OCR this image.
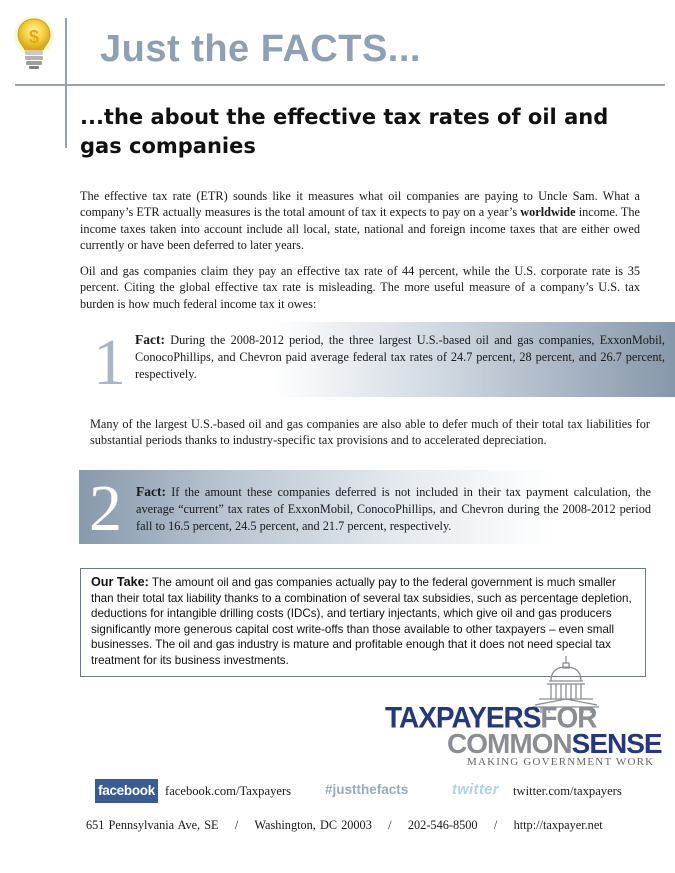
$ Just the FACTS...
...the about the effective tax rates of oil and gas companies
The effective tax rate (ETR) sounds like it measures what oil companies are paying to Uncle Sam. What a company’s ETR actually measures is the total amount of tax it expects to pay on a year’s worldwide income. The income taxes taken into account include all local, state, national and foreign income taxes that are either owed currently or have been deferred to later years.
Oil and gas companies claim they pay an effective tax rate of 44 percent, while the U.S. corporate rate is 35 percent. Citing the global effective tax rate is misleading. The more useful measure of a company’s U.S. tax burden is how much federal income tax it owes:
1 Fact: During the 2008-2012 period, the three largest U.S.-based oil and gas companies, ExxonMobil, ConocoPhillips, and Chevron paid average federal tax rates of 24.7 percent, 28 percent, and 26.7 percent, respectively.
Many of the largest U.S.-based oil and gas companies are also able to defer much of their total tax liabilities for substantial periods thanks to industry-specific tax provisions and to accelerated depreciation.
2 Fact: If the amount these companies deferred is not included in their tax payment calculation, the average “current” tax rates of ExxonMobil, ConocoPhillips, and Chevron during the 2008-2012 period fall to 16.5 percent, 24.5 percent, and 21.7 percent, respectively.
Our Take: The amount oil and gas companies actually pay to the federal government is much smaller than their total tax liability thanks to a combination of several tax subsidies, such as percentage depletion, deductions for intangible drilling costs (IDCs), and tertiary injectants, which give oil and gas producers significantly more generous capital cost write-offs than those available to other taxpayers – even small businesses. The oil and gas industry is mature and profitable enough that it does not need special tax treatment for its business investments.
TAXPAYERSFOR
COMMONSENSE
MAKING GOVERNMENT WORK
facebook facebook.com/Taxpayers	#justthefacts	twitter twitter.com/taxpayers
651 Pennsylvania Ave, SE / Washington, DC 20003 / 202-546-8500 / http://taxpayer.net
